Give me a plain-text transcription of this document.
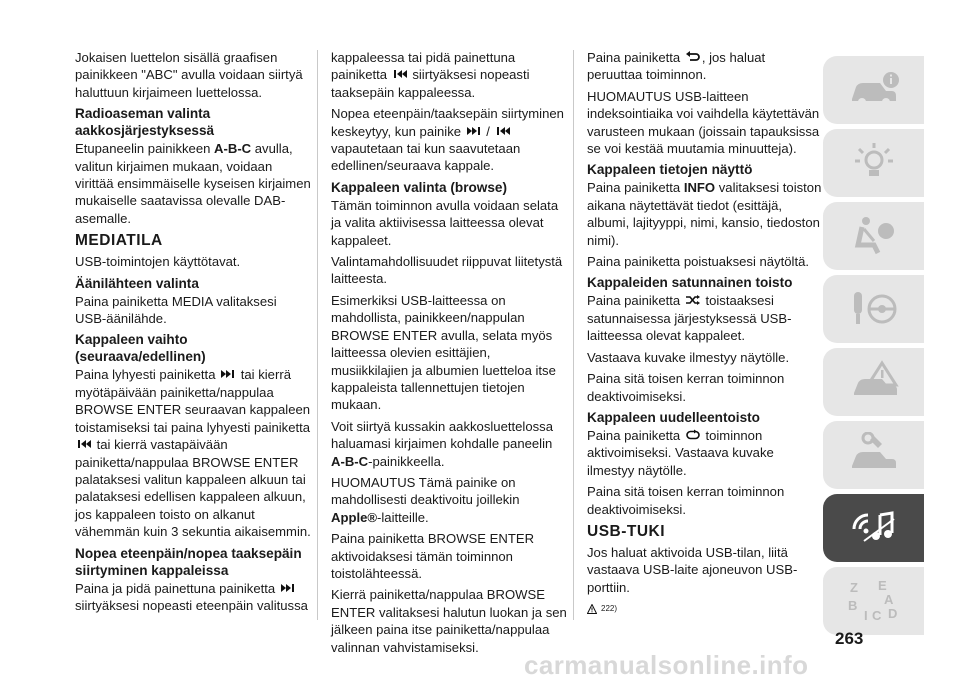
Jokaisen luettelon sisällä graafisen painikkeen "ABC" avulla voidaan siirtyä haluttuun kirjaimeen luettelossa.

Radioaseman valinta aakkosjärjestyksessä

Etupaneelin painikkeen A-B-C avulla, valitun kirjaimen mukaan, voidaan virittää ensimmäiselle kyseisen kirjaimen mukaiselle saatavissa olevalle DAB-asemalle.

MEDIATILA

USB-toimintojen käyttötavat.

Äänilähteen valinta

Paina painiketta MEDIA valitaksesi USB-äänilähde.

Kappaleen vaihto (seuraava/edellinen)

Paina lyhyesti painiketta  tai kierrä myötäpäivään painiketta/nappulaa BROWSE ENTER seuraavan kappaleen toistamiseksi tai paina lyhyesti painiketta  tai kierrä vastapäivään painiketta/nappulaa BROWSE ENTER palataksesi valitun kappaleen alkuun tai palataksesi edellisen kappaleen alkuun, jos kappaleen toisto on alkanut vähemmän kuin 3 sekuntia aikaisemmin.

Nopea eteenpäin/nopea taaksepäin siirtyminen kappaleissa

Paina ja pidä painettuna painiketta  siirtyäksesi nopeasti eteenpäin valitussa

kappaleessa tai pidä painettuna painiketta  siirtyäksesi nopeasti taaksepäin kappaleessa.

Nopea eteenpäin/taaksepäin siirtyminen keskeytyy, kun painike  /  vapautetaan tai kun saavutetaan edellinen/seuraava kappale.

Kappaleen valinta (browse)

Tämän toiminnon avulla voidaan selata ja valita aktiivisessa laitteessa olevat kappaleet.

Valintamahdollisuudet riippuvat liitetystä laitteesta.

Esimerkiksi USB-laitteessa on mahdollista, painikkeen/nappulan BROWSE ENTER avulla, selata myös laitteessa olevien esittäjien, musiikkilajien ja albumien luetteloa itse kappaleista tallennettujen tietojen mukaan.

Voit siirtyä kussakin aakkosluettelossa haluamasi kirjaimen kohdalle paneelin A-B-C-painikkeella.

HUOMAUTUS Tämä painike on mahdollisesti deaktivoitu joillekin Apple®-laitteille.

Paina painiketta BROWSE ENTER aktivoidaksesi tämän toiminnon toistolähteessä.

Kierrä painiketta/nappulaa BROWSE ENTER valitaksesi halutun luokan ja sen jälkeen paina itse painiketta/nappulaa valinnan vahvistamiseksi.

Paina painiketta , jos haluat peruuttaa toiminnon.

HUOMAUTUS USB-laitteen indeksointiaika voi vaihdella käytettävän varusteen mukaan (joissain tapauksissa se voi kestää muutamia minuutteja).

Kappaleen tietojen näyttö

Paina painiketta INFO valitaksesi toiston aikana näytettävät tiedot (esittäjä, albumi, lajityyppi, nimi, kansio, tiedoston nimi).

Paina painiketta poistuaksesi näytöltä.

Kappaleiden satunnainen toisto

Paina painiketta  toistaaksesi satunnaisessa järjestyksessä USB-laitteessa olevat kappaleet.

Vastaava kuvake ilmestyy näytölle.

Paina sitä toisen kerran toiminnon deaktivoimiseksi.

Kappaleen uudelleentoisto

Paina painiketta  toiminnon aktivoimiseksi. Vastaava kuvake ilmestyy näytölle.

Paina sitä toisen kerran toiminnon deaktivoimiseksi.

USB-TUKI

Jos haluat aktivoida USB-tilan, liitä vastaava USB-laite ajoneuvon USB-porttiin.

222)
Z E
B A
I C D
263
carmanualsonline.info
